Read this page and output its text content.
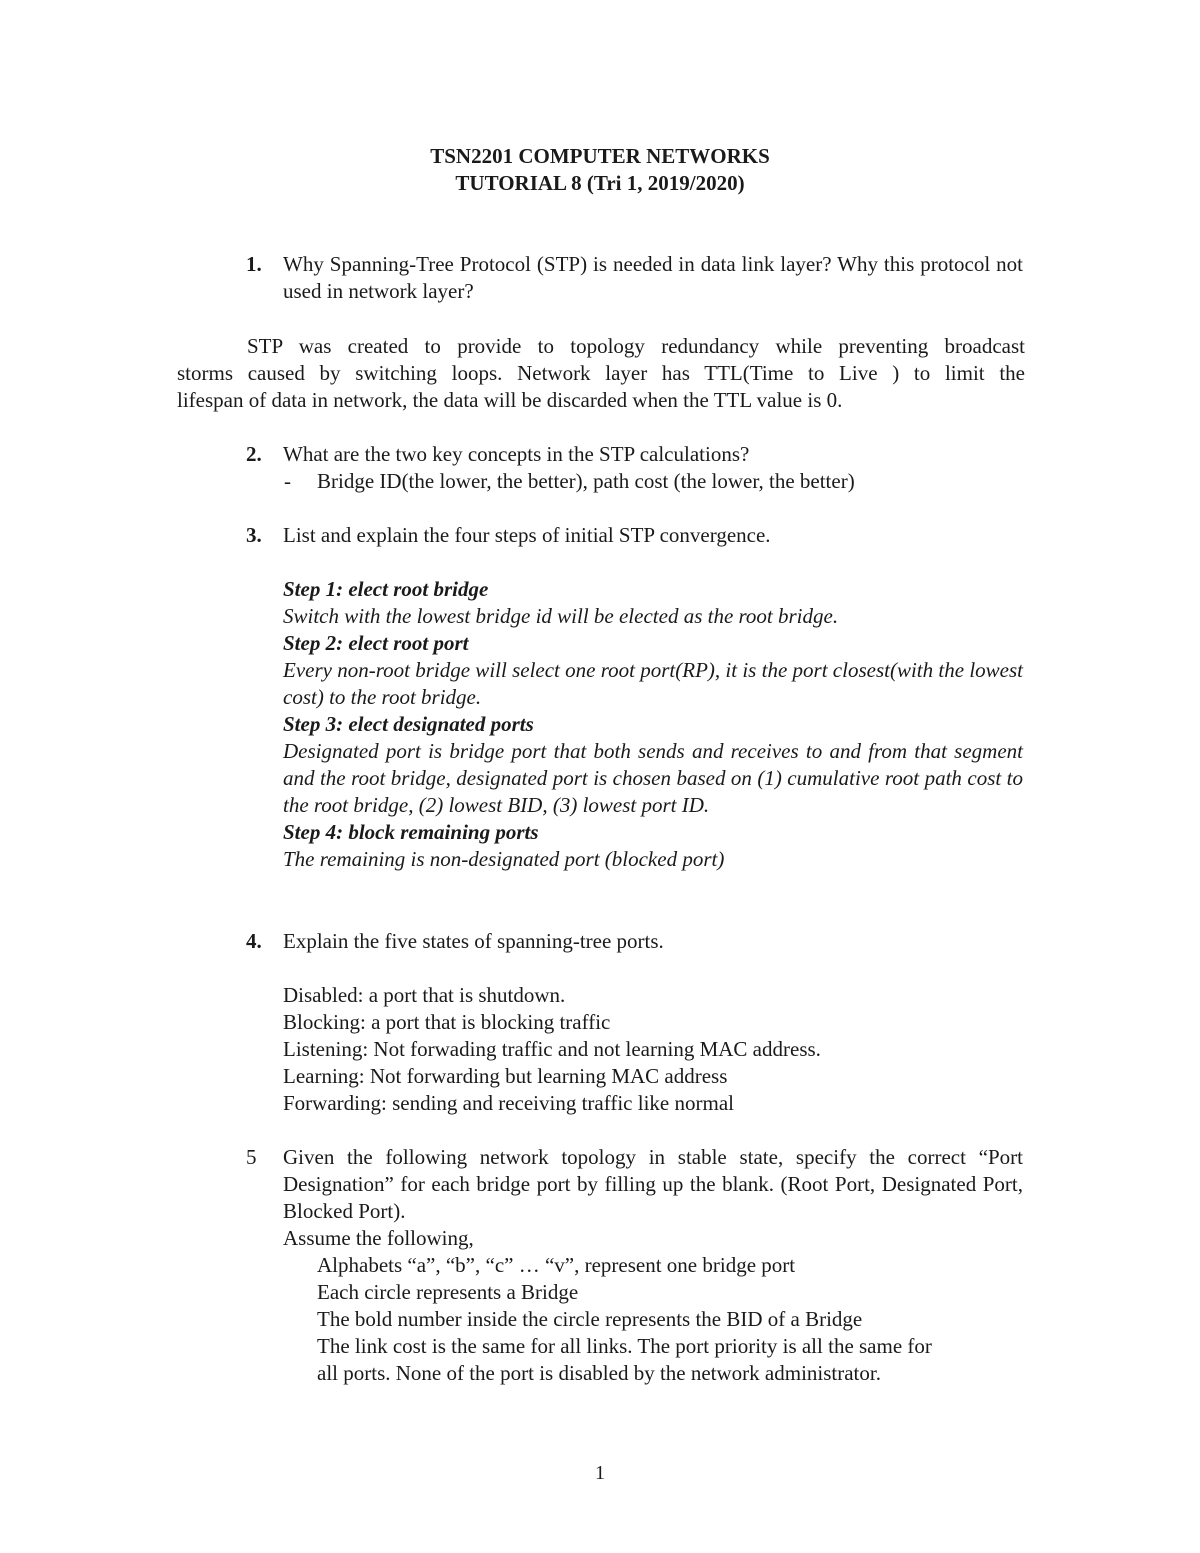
TSN2201 COMPUTER NETWORKS
TUTORIAL 8 (Tri 1, 2019/2020)
1. Why Spanning-Tree Protocol (STP) is needed in data link layer? Why this protocol not used in network layer?
STP was created to provide to topology redundancy while preventing broadcast
storms caused by switching loops. Network layer has TTL(Time to Live ) to limit the
lifespan of data in network, the data will be discarded when the TTL value is 0.
2. What are the two key concepts in the STP calculations?
- Bridge ID(the lower, the better), path cost (the lower, the better)
3. List and explain the four steps of initial STP convergence.
Step 1: elect root bridge
Switch with the lowest bridge id will be elected as the root bridge.
Step 2: elect root port
Every non-root bridge will select one root port(RP), it is the port closest(with the lowest cost) to the root bridge.
Step 3: elect designated ports
Designated port is bridge port that both sends and receives to and from that segment and the root bridge, designated port is chosen based on (1) cumulative root path cost to the root bridge, (2) lowest BID, (3) lowest port ID.
Step 4: block remaining ports
The remaining is non-designated port (blocked port)
4. Explain the five states of spanning-tree ports.
Disabled: a port that is shutdown.
Blocking: a port that is blocking traffic
Listening: Not forwading traffic and not learning MAC address.
Learning: Not forwarding but learning MAC address
Forwarding: sending and receiving traffic like normal
5 Given the following network topology in stable state, specify the correct “Port Designation” for each bridge port by filling up the blank. (Root Port, Designated Port, Blocked Port).
Assume the following,
Alphabets “a”, “b”, “c” … “v”, represent one bridge port
Each circle represents a Bridge
The bold number inside the circle represents the BID of a Bridge
The link cost is the same for all links. The port priority is all the same for
all ports. None of the port is disabled by the network administrator.
1
